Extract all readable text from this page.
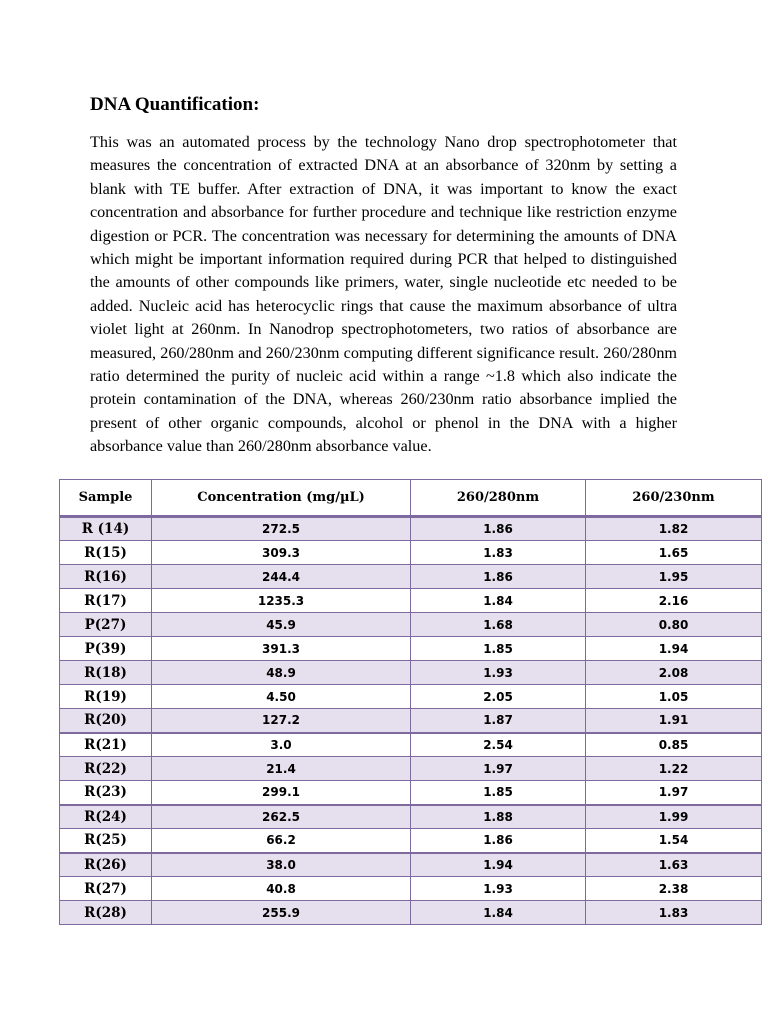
DNA Quantification:

This was an automated process by the technology Nano drop spectrophotometer that measures the concentration of extracted DNA at an absorbance of 320nm by setting a blank with TE buffer. After extraction of DNA, it was important to know the exact concentration and absorbance for further procedure and technique like restriction enzyme digestion or PCR. The concentration was necessary for determining the amounts of DNA which might be important information required during PCR that helped to distinguished the amounts of other compounds like primers, water, single nucleotide etc needed to be added. Nucleic acid has heterocyclic rings that cause the maximum absorbance of ultra violet light at 260nm. In Nanodrop spectrophotometers, two ratios of absorbance are measured, 260/280nm and 260/230nm computing different significance result. 260/280nm ratio determined the purity of nucleic acid within a range ~1.8 which also indicate the protein contamination of the DNA, whereas 260/230nm ratio absorbance implied the present of other organic compounds, alcohol or phenol in the DNA with a higher absorbance value than 260/280nm absorbance value.

Sample	Concentration (mg/µL)	260/280nm	260/230nm
R (14)	272.5	1.86	1.82
R(15)	309.3	1.83	1.65
R(16)	244.4	1.86	1.95
R(17)	1235.3	1.84	2.16
P(27)	45.9	1.68	0.80
P(39)	391.3	1.85	1.94
R(18)	48.9	1.93	2.08
R(19)	4.50	2.05	1.05
R(20)	127.2	1.87	1.91
R(21)	3.0	2.54	0.85
R(22)	21.4	1.97	1.22
R(23)	299.1	1.85	1.97
R(24)	262.5	1.88	1.99
R(25)	66.2	1.86	1.54
R(26)	38.0	1.94	1.63
R(27)	40.8	1.93	2.38
R(28)	255.9	1.84	1.83
